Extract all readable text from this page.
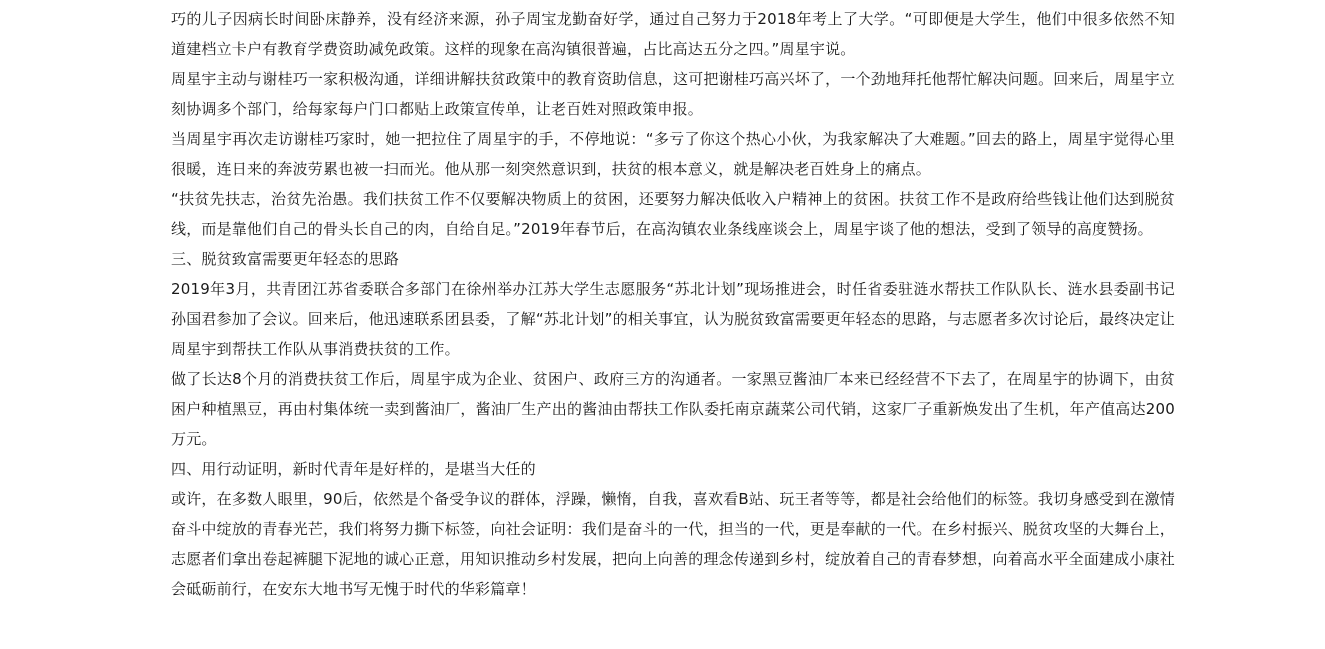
巧的儿子因病长时间卧床静养，没有经济来源，孙子周宝龙勤奋好学，通过自己努力于2018年考上了大学。“可即便是大学生，他们中很多依然不知道建档立卡户有教育学费资助减免政策。这样的现象在高沟镇很普遍，占比高达五分之四。”周星宇说。

周星宇主动与谢桂巧一家积极沟通，详细讲解扶贫政策中的教育资助信息，这可把谢桂巧高兴坏了，一个劲地拜托他帮忙解决问题。回来后，周星宇立刻协调多个部门，给每家每户门口都贴上政策宣传单，让老百姓对照政策申报。

当周星宇再次走访谢桂巧家时，她一把拉住了周星宇的手，不停地说：“多亏了你这个热心小伙，为我家解决了大难题。”回去的路上，周星宇觉得心里很暖，连日来的奔波劳累也被一扫而光。他从那一刻突然意识到，扶贫的根本意义，就是解决老百姓身上的痛点。

“扶贫先扶志，治贫先治愚。我们扶贫工作不仅要解决物质上的贫困，还要努力解决低收入户精神上的贫困。扶贫工作不是政府给些钱让他们达到脱贫线，而是靠他们自己的骨头长自己的肉，自给自足。”2019年春节后，在高沟镇农业条线座谈会上，周星宇谈了他的想法，受到了领导的高度赞扬。

三、脱贫致富需要更年轻态的思路

2019年3月，共青团江苏省委联合多部门在徐州举办江苏大学生志愿服务“苏北计划”现场推进会，时任省委驻涟水帮扶工作队队长、涟水县委副书记孙国君参加了会议。回来后，他迅速联系团县委，了解“苏北计划”的相关事宜，认为脱贫致富需要更年轻态的思路，与志愿者多次讨论后，最终决定让周星宇到帮扶工作队从事消费扶贫的工作。

做了长达8个月的消费扶贫工作后，周星宇成为企业、贫困户、政府三方的沟通者。一家黑豆酱油厂本来已经经营不下去了，在周星宇的协调下，由贫困户种植黑豆，再由村集体统一卖到酱油厂，酱油厂生产出的酱油由帮扶工作队委托南京蔬菜公司代销，这家厂子重新焕发出了生机，年产值高达200万元。

四、用行动证明，新时代青年是好样的，是堪当大任的

或许，在多数人眼里，90后，依然是个备受争议的群体，浮躁，懒惰，自我，喜欢看B站、玩王者等等，都是社会给他们的标签。我切身感受到在激情奋斗中绽放的青春光芒，我们将努力撕下标签，向社会证明：我们是奋斗的一代，担当的一代，更是奉献的一代。在乡村振兴、脱贫攻坚的大舞台上，志愿者们拿出卷起裤腿下泥地的诚心正意，用知识推动乡村发展，把向上向善的理念传递到乡村，绽放着自己的青春梦想，向着高水平全面建成小康社会砥砺前行，在安东大地书写无愧于时代的华彩篇章！
